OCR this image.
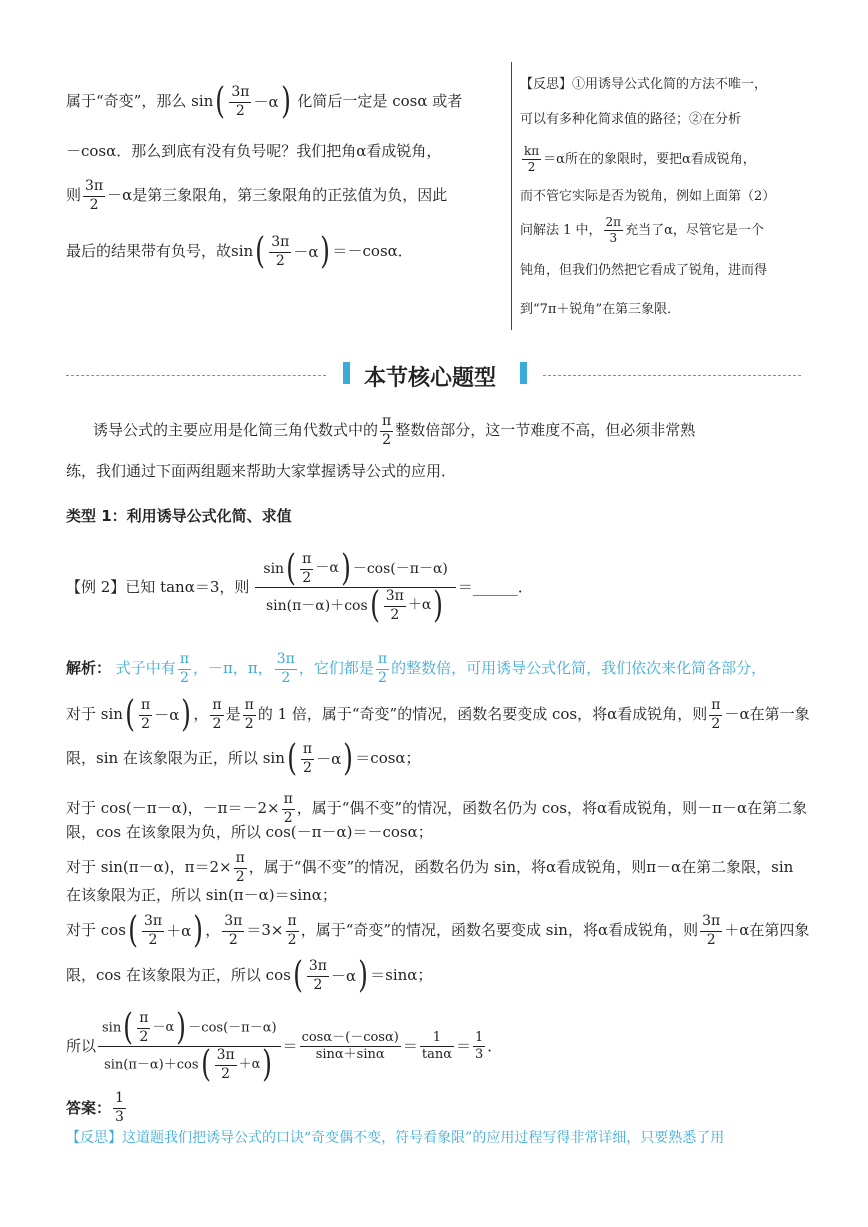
属于“奇变”，那么 sin ( 3π
2 －α
) 化简后一定是 cosα 或者
－cosα．那么到底有没有负号呢？我们把角α看成锐角，
则 $\frac{3\pi}{2} -\alpha$是第三象限角，第三象限角的正弦值为负，因此
最后的结果带有负号，故sin ( 3π
2 －α
) ＝－cosα．
【反思】①用诱导公式化简的方法不唯一，
可以有多种化简求值的路径；②在分析
$\frac{k\pi}{2} =\alpha$所在的象限时，要把α看成锐角，
而不管它实际是否为锐角，例如上面第（2）
问解法 1 中， $\frac{2\pi}{3}$ 充当了α，尽管它是一个
钝角，但我们仍然把它看成了锐角，进而得
到“7π＋锐角”在第三象限．
本节核心题型
诱导公式的主要应用是化简三角代数式中的 $\frac{\pi}{2}$ 整数倍部分，这一节难度不高，但必须非常熟
练，我们通过下面两组题来帮助大家掌握诱导公式的应用．
类型 1：利用诱导公式化简、求值
【例 2】已知 tanα＝3，则
sin
( π
2
－α
) －cos(－π－α)
sin(π－α)＋cos
( 3π
2
＋α
)
＝______．
解析： 式子中有 $\frac{\pi}{2}$ ，－π，π， $\frac{3\pi}{2}$ ，它们都是 $\frac{\pi}{2}$ 的整数倍，可用诱导公式化简，我们依次来化简各部分，
对于 sin ( π
2 －α
) ， $\frac{\pi}{2}$ 是 $\frac{\pi}{2}$ 的 1 倍，属于“奇变”的情况，函数名要变成 cos，将α看成锐角，则 $\frac{\pi}{2} -\alpha$在第一象
限，sin 在该象限为正，所以 sin ( π
2 －α
) ＝cosα；
对于 cos(－π－α)，$-\pi=-2\times \frac{\pi}{2}$ ，属于“偶不变”的情况，函数名仍为 cos，将α看成锐角，则－π－α在第二象
限，cos 在该象限为负，所以 cos(－π－α)＝－cosα；
对于 sin(π－α)，$\pi=2\times \frac{\pi}{2}$ ，属于“偶不变”的情况，函数名仍为 sin，将α看成锐角，则π－α在第二象限，sin
在该象限为正，所以 sin(π－α)＝sinα；
对于 cos ( 3π
2 ＋α
) ， $\frac{3\pi}{2} =3\times \frac{\pi}{2}$ ，属于“奇变”的情况，函数名要变成 sin，将α看成锐角，则 $\frac{3\pi}{2} +\alpha$在第四象
限，cos 在该象限为正，所以 cos ( 3π
2 －α
) ＝sinα；
所以
sin
( π
2
－α
) －cos(－π－α)
sin(π－α)＋cos
( 3π
2
＋α
)
＝ cosα－(－cosα)
sinα＋sinα	＝	1
tanα ＝ 1
3 ．
答案：
1
3
【反思】这道题我们把诱导公式的口诀“奇变偶不变，符号看象限”的应用过程写得非常详细，只要熟悉了用
